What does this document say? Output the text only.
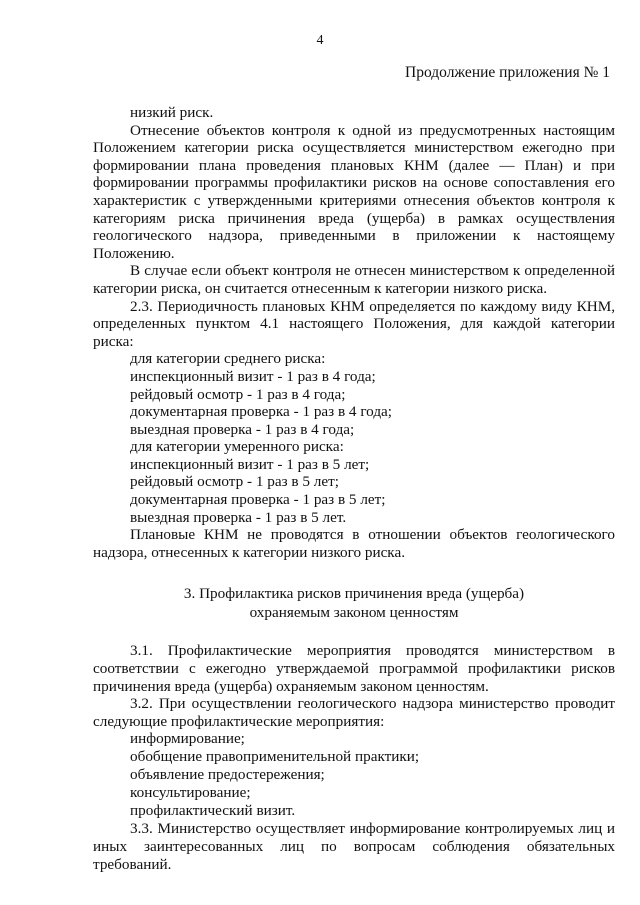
4
Продолжение приложения № 1

низкий риск.

Отнесение объектов контроля к одной из предусмотренных настоящим Положением категории риска осуществляется министерством ежегодно при формировании плана проведения плановых КНМ (далее — План) и при формировании программы профилактики рисков на основе сопоставления его характеристик с утвержденными критериями отнесения объектов контроля к категориям риска причинения вреда (ущерба) в рамках осуществления геологического надзора, приведенными в приложении к настоящему Положению.

В случае если объект контроля не отнесен министерством к определенной категории риска, он считается отнесенным к категории низкого риска.

2.3. Периодичность плановых КНМ определяется по каждому виду КНМ, определенных пунктом 4.1 настоящего Положения, для каждой категории риска:

для категории среднего риска:

инспекционный визит - 1 раз в 4 года;

рейдовый осмотр - 1 раз в 4 года;

документарная проверка - 1 раз в 4 года;

выездная проверка - 1 раз в 4 года;

для категории умеренного риска:

инспекционный визит - 1 раз в 5 лет;

рейдовый осмотр - 1 раз в 5 лет;

документарная проверка - 1 раз в 5 лет;

выездная проверка - 1 раз в 5 лет.

Плановые КНМ не проводятся в отношении объектов геологического надзора, отнесенных к категории низкого риска.

3. Профилактика рисков причинения вреда (ущерба)

охраняемым законом ценностям

3.1. Профилактические мероприятия проводятся министерством в соответствии с ежегодно утверждаемой программой профилактики рисков причинения вреда (ущерба) охраняемым законом ценностям.

3.2. При осуществлении геологического надзора министерство проводит следующие профилактические мероприятия:

информирование;

обобщение правоприменительной практики;

объявление предостережения;

консультирование;

профилактический визит.

3.3. Министерство осуществляет информирование контролируемых лиц и иных заинтересованных лиц по вопросам соблюдения обязательных требований.
